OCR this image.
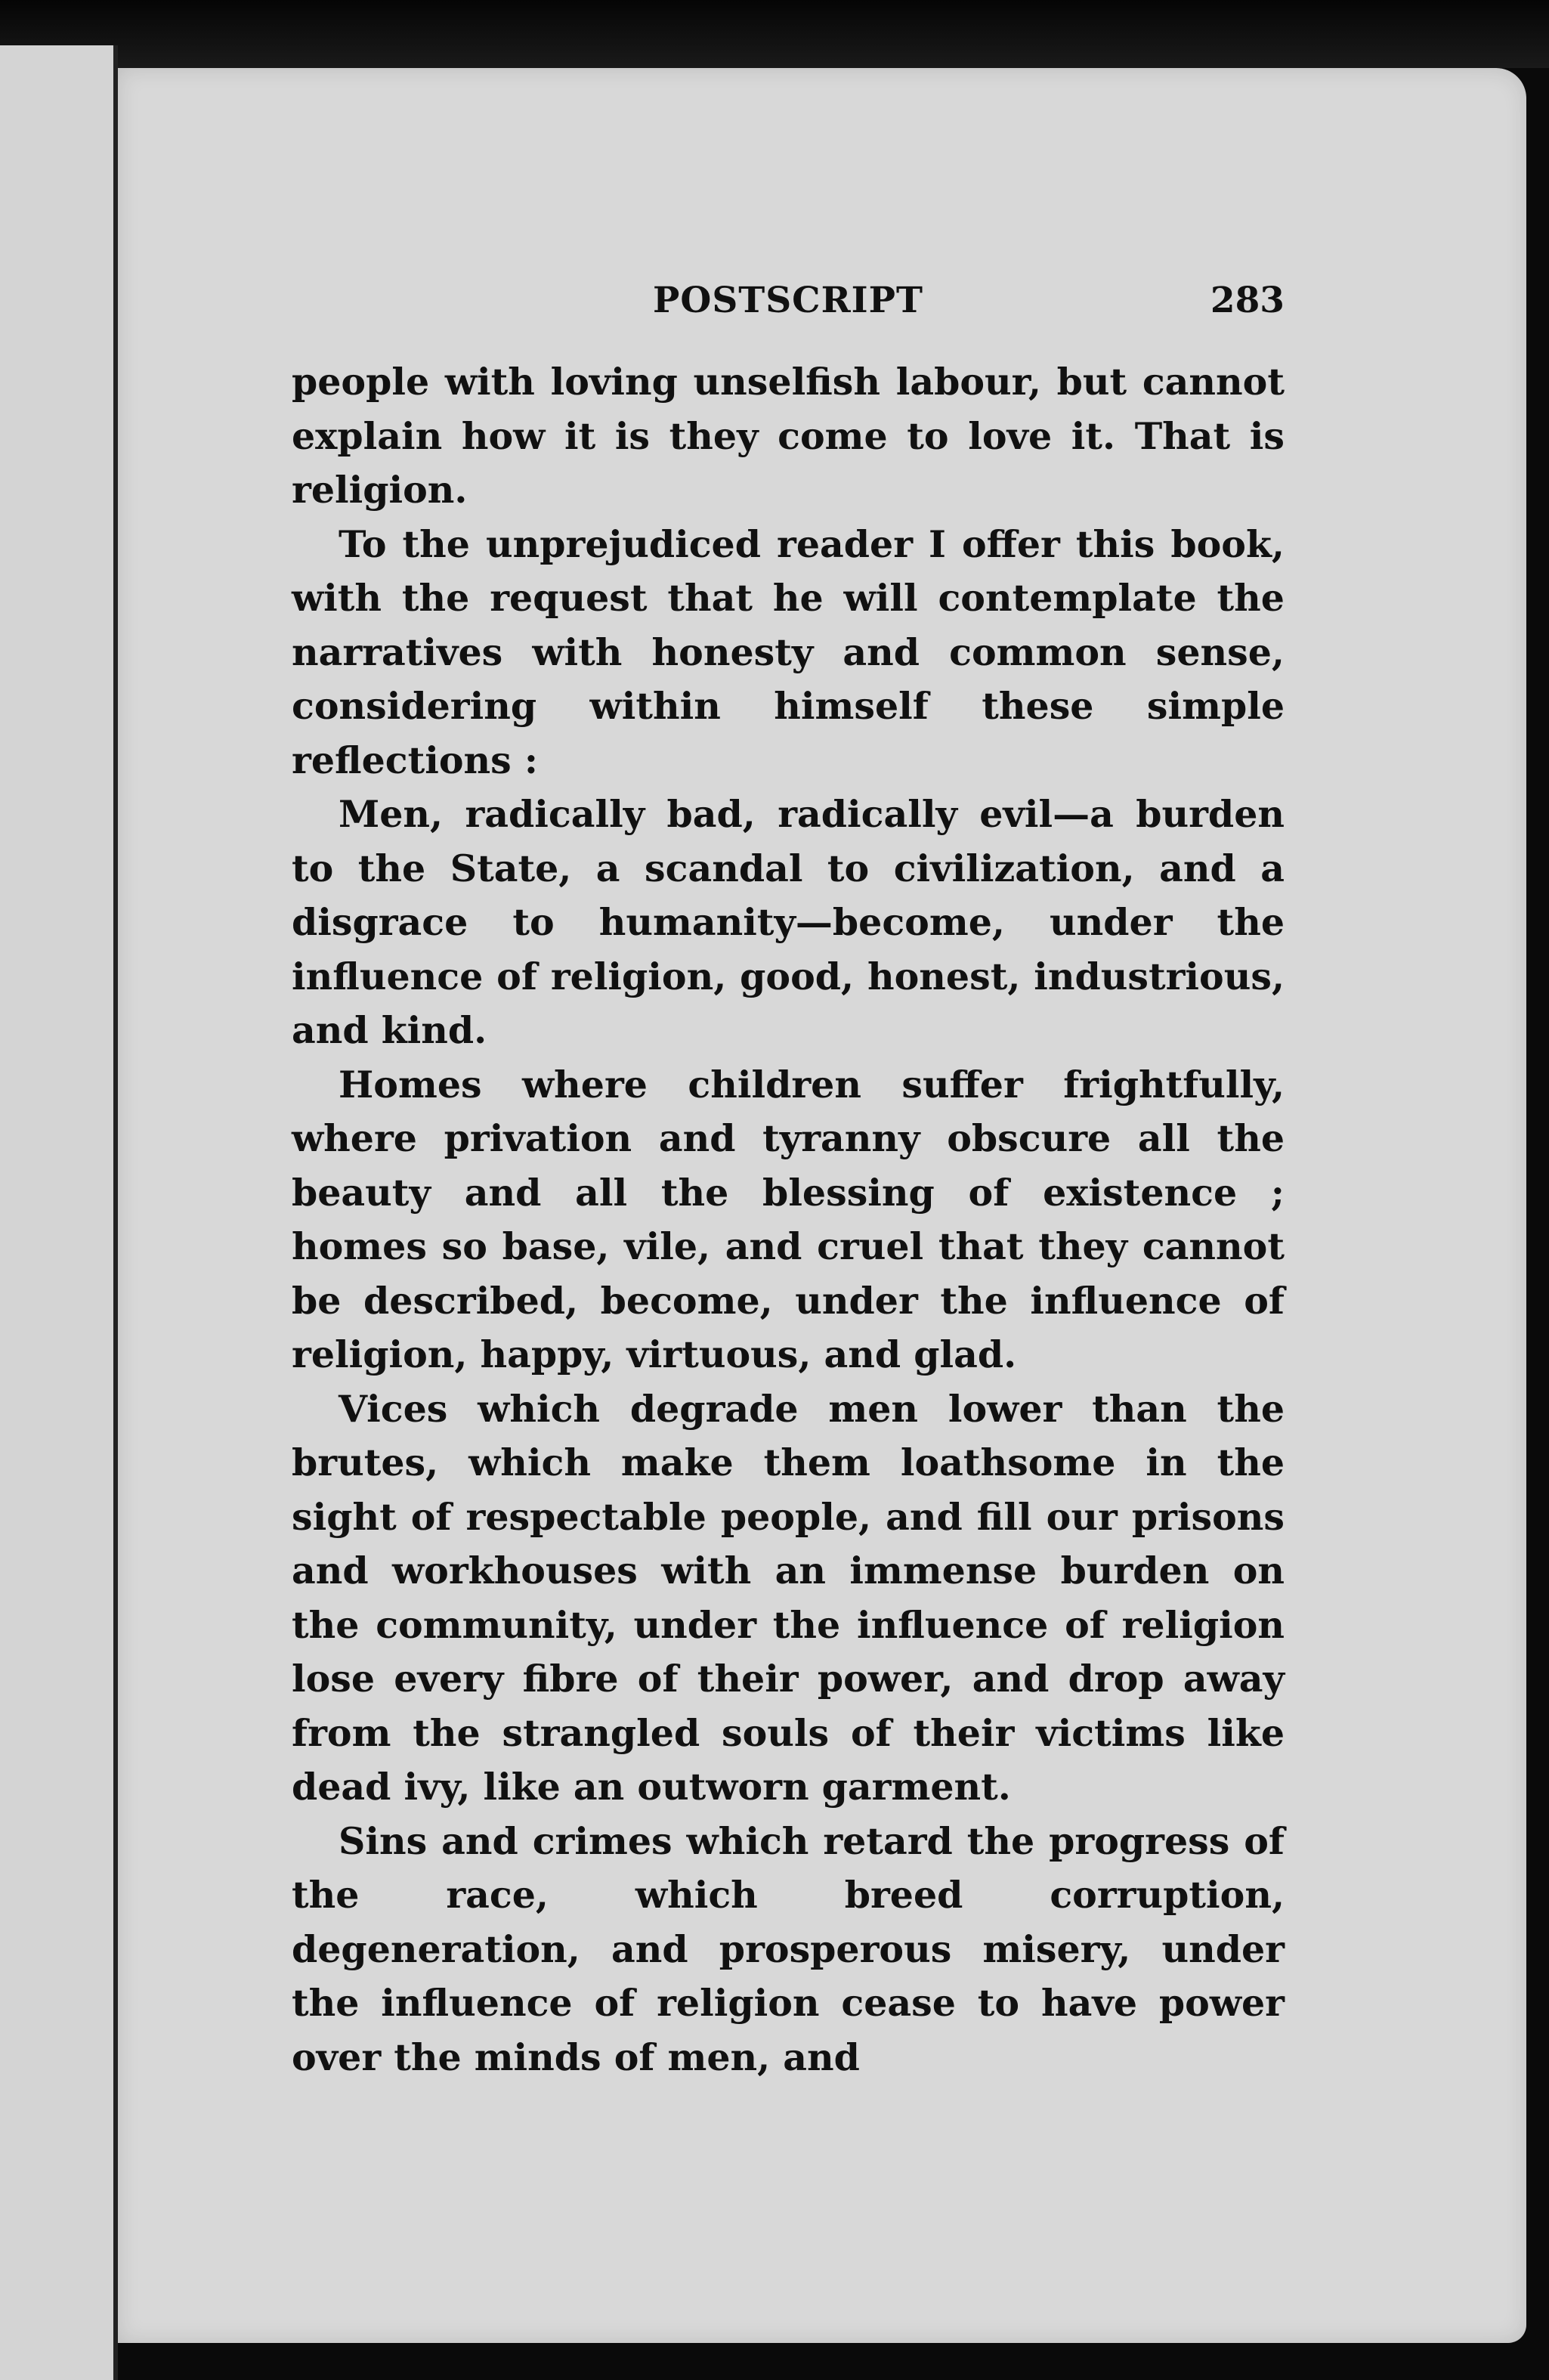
POSTSCRIPT	283

people with loving unselfish labour, but cannot explain how it is they come to love it. That is religion.

To the unprejudiced reader I offer this book, with the request that he will contemplate the narratives with honesty and common sense, considering within himself these simple reflections :

Men, radically bad, radically evil—a burden to the State, a scandal to civilization, and a disgrace to humanity—become, under the influence of religion, good, honest, industrious, and kind.

Homes where children suffer frightfully, where privation and tyranny obscure all the beauty and all the blessing of existence ; homes so base, vile, and cruel that they cannot be described, become, under the influence of religion, happy, virtuous, and glad.

Vices which degrade men lower than the brutes, which make them loathsome in the sight of respectable people, and fill our prisons and workhouses with an immense burden on the community, under the influence of religion lose every fibre of their power, and drop away from the strangled souls of their victims like dead ivy, like an outworn garment.

Sins and crimes which retard the progress of the race, which breed corruption, degeneration, and prosperous misery, under the influence of religion cease to have power over the minds of men, and
